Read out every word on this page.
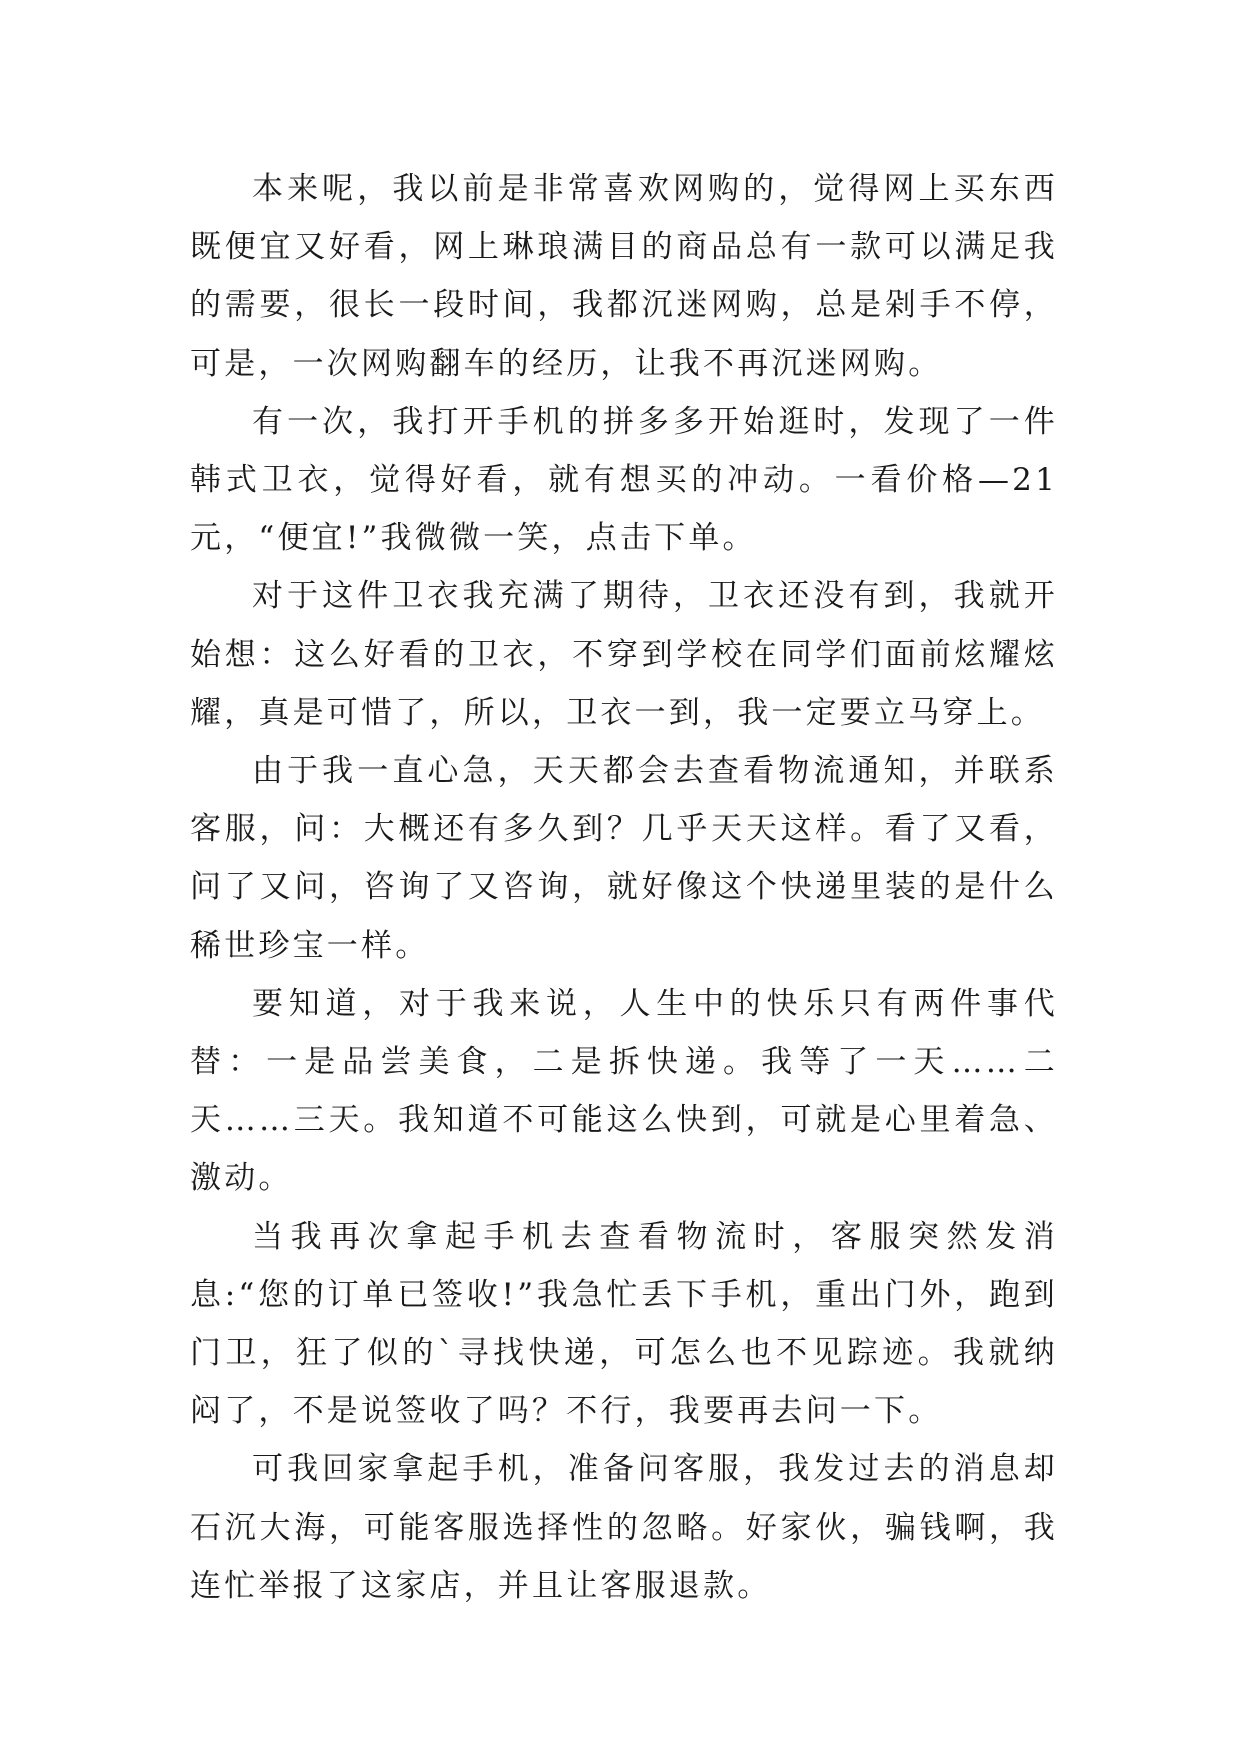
本来呢，我以前是非常喜欢网购的，觉得网上买东西既便宜又好看，网上琳琅满目的商品总有一款可以满足我的需要，很长一段时间，我都沉迷网购，总是剁手不停，可是，一次网购翻车的经历，让我不再沉迷网购。

有一次，我打开手机的拼多多开始逛时，发现了一件韩式卫衣，觉得好看，就有想买的冲动。一看价格—21元，“便宜!”我微微一笑，点击下单。

对于这件卫衣我充满了期待，卫衣还没有到，我就开始想：这么好看的卫衣，不穿到学校在同学们面前炫耀炫耀，真是可惜了，所以，卫衣一到，我一定要立马穿上。

由于我一直心急，天天都会去查看物流通知，并联系客服，问：大概还有多久到？几乎天天这样。看了又看，问了又问，咨询了又咨询，就好像这个快递里装的是什么稀世珍宝一样。

要知道，对于我来说，人生中的快乐只有两件事代替：一是品尝美食，二是拆快递。我等了一天……二天……三天。我知道不可能这么快到，可就是心里着急、激动。

当我再次拿起手机去查看物流时，客服突然发消息:“您的订单已签收!”我急忙丢下手机，重出门外，跑到门卫，狂了似的`寻找快递，可怎么也不见踪迹。我就纳闷了，不是说签收了吗？不行，我要再去问一下。

可我回家拿起手机，准备问客服，我发过去的消息却石沉大海，可能客服选择性的忽略。好家伙，骗钱啊，我连忙举报了这家店，并且让客服退款。
